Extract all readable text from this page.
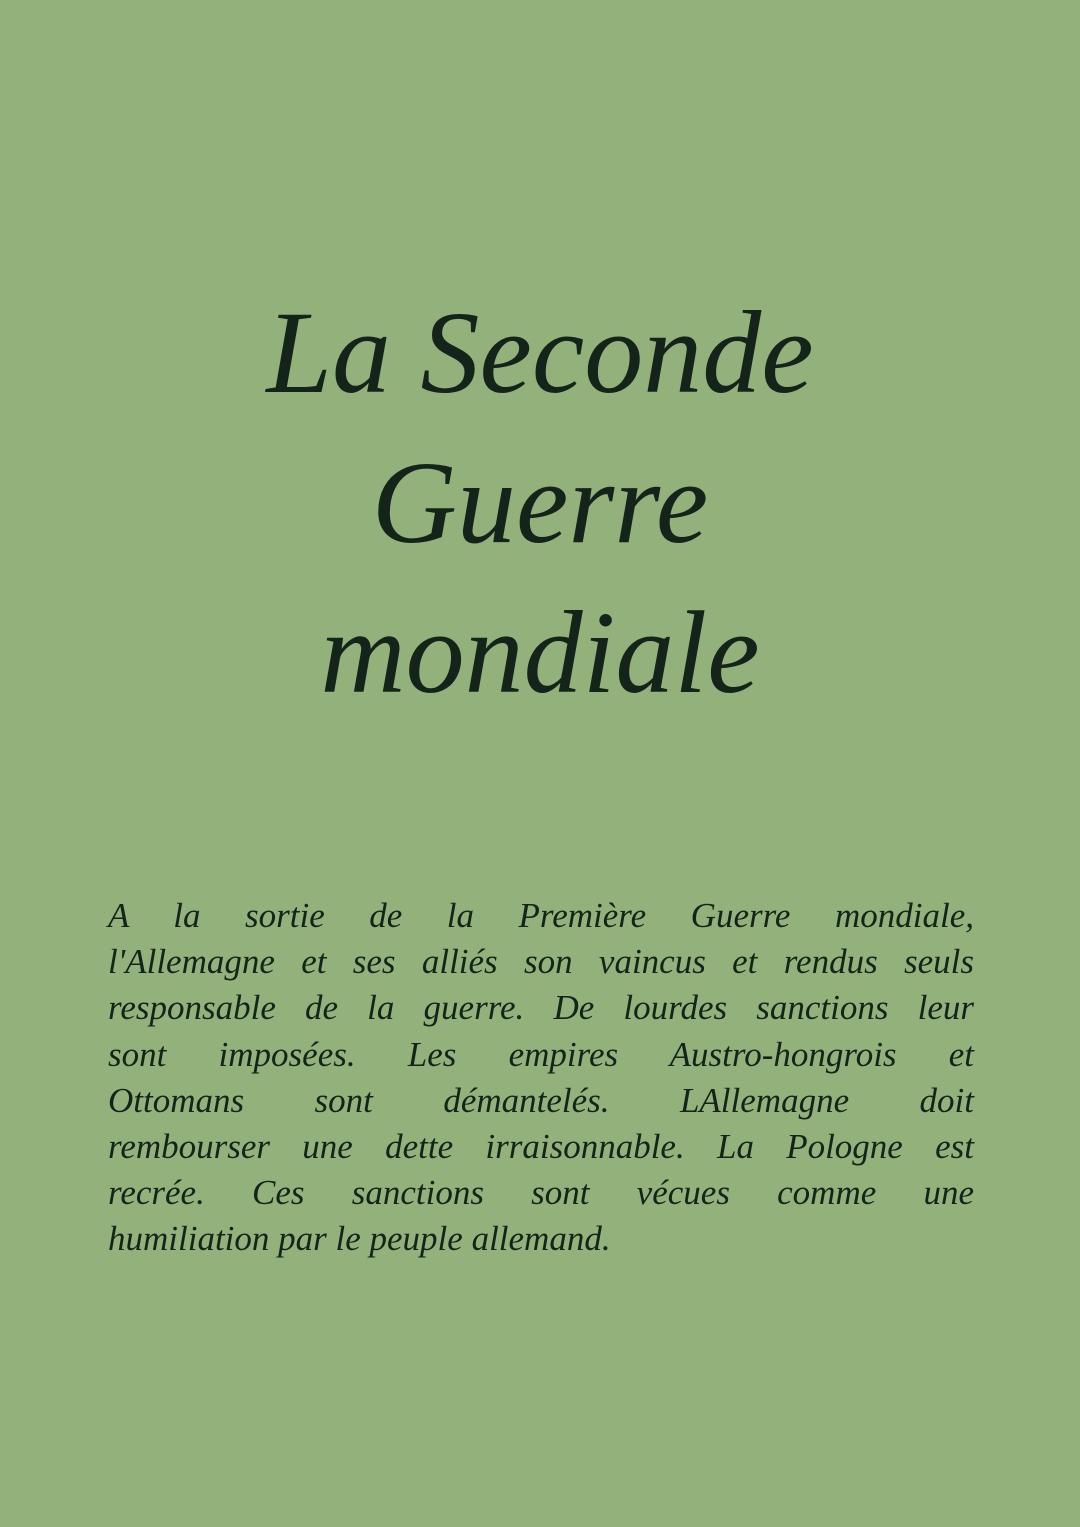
La Seconde
Guerre
mondiale
A la sortie de la Première Guerre mondiale,
l'Allemagne et ses alliés son vaincus et rendus seuls
responsable de la guerre. De lourdes sanctions leur
sont imposées. Les empires Austro-hongrois et
Ottomans sont démantelés. LAllemagne doit
rembourser une dette irraisonnable. La Pologne est
recrée. Ces sanctions sont vécues comme une
humiliation par le peuple allemand.
